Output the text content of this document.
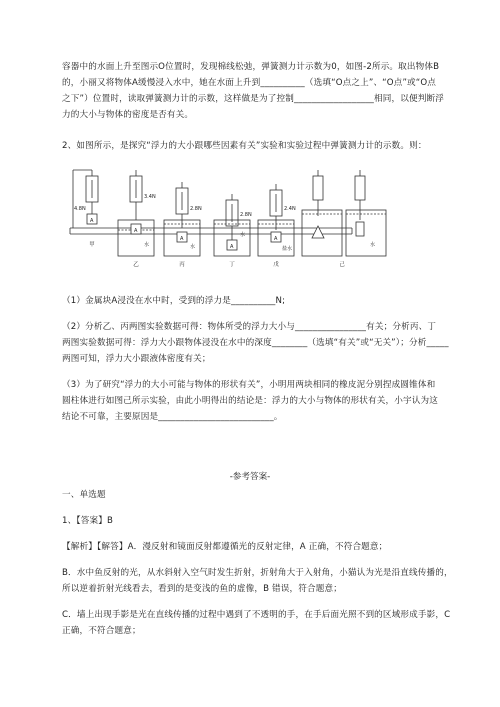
容器中的水面上升至图示O位置时，发现棉线松弛，弹簧测力计示数为0，如图-2所示。取出物体B
的，小丽又将物体A缓慢浸入水中，她在水面上升到__________（选填“O点之上”、“O点”或“O点
之下”）位置时，读取弹簧测力计的示数，这样做是为了控制__________________相同，以便判断浮
力的大小与物体的密度是否有关。
2、如图所示，是探究“浮力的大小跟哪些因素有关”实验和实验过程中弹簧测力计的示数。则：
4.8N
3.4N
2.8N
2.8N
2.4N
A
A
A
A
A
水	水
水
盐水
水
甲
乙	丙	丁	戊	己
（1）金属块A浸没在水中时，受到的浮力是__________N;
（2）分析乙、丙两图实验数据可得：物体所受的浮力大小与________________有关；分析丙、丁
两图实验数据可得：浮力大小跟物体浸没在水中的深度________（选填“有关”或“无关”）；分析_____
两图可知，浮力大小跟液体密度有关；
（3）为了研究“浮力的大小可能与物体的形状有关”，小明用两块相同的橡皮泥分别捏成圆锥体和
圆柱体进行如图己所示实验，由此小明得出的结论是：浮力的大小与物体的形状有关，小宇认为这
结论不可靠，主要原因是__________________________。
-参考答案-
一、单选题
1、【答案】B
【解析】【解答】A．漫反射和镜面反射都遵循光的反射定律，A 正确，不符合题意；
B．水中鱼反射的光，从水斜射入空气时发生折射，折射角大于入射角，小猫认为光是沿直线传播的，
所以逆着折射光线看去，看到的是变浅的鱼的虚像，B 错误，符合题意；
C．墙上出现手影是光在直线传播的过程中遇到了不透明的手，在手后面光照不到的区域形成手影，C
正确，不符合题意；
